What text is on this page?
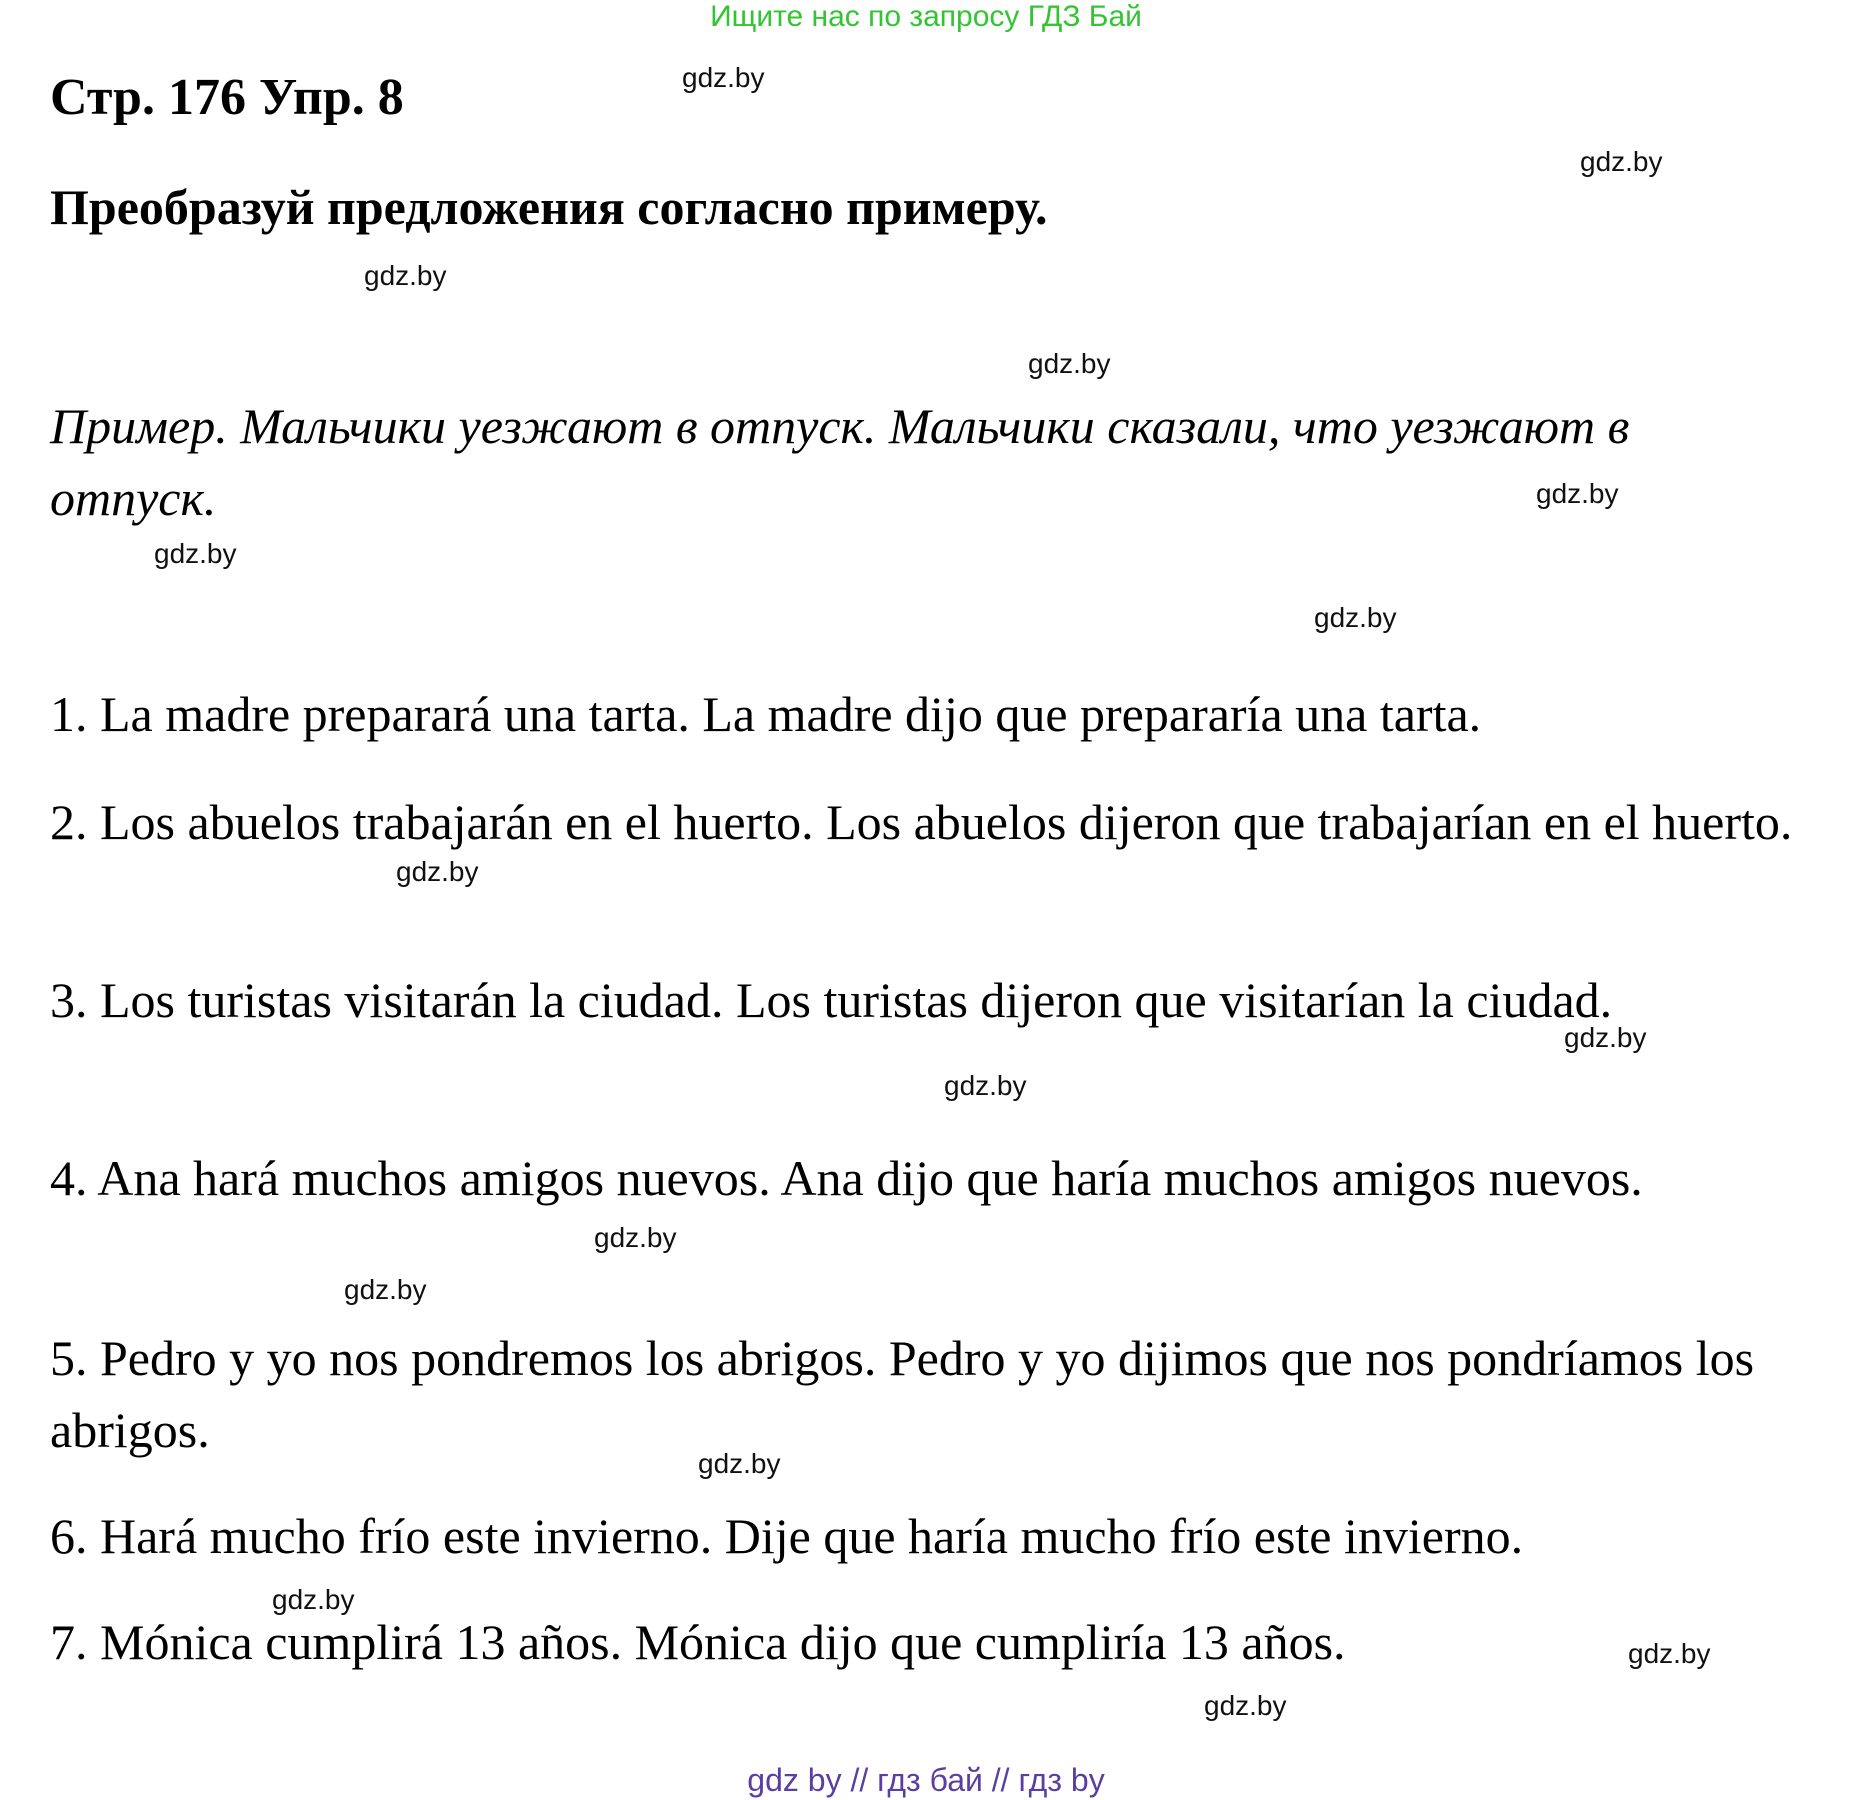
Ищите нас по запросу ГДЗ Бай
Стр. 176 Упр. 8
Преобразуй предложения согласно примеру.
Пример. Мальчики уезжают в отпуск. Мальчики сказали, что уезжают в отпуск.
1. La madre preparará una tarta. La madre dijo que prepararía una tarta.
2. Los abuelos trabajarán en el huerto. Los abuelos dijeron que trabajarían en el huerto.
3. Los turistas visitarán la ciudad. Los turistas dijeron que visitarían la ciudad.
4. Ana hará muchos amigos nuevos. Ana dijo que haría muchos amigos nuevos.
5. Pedro y yo nos pondremos los abrigos. Pedro y yo dijimos que nos pondríamos los abrigos.
6. Hará mucho frío este invierno. Dije que haría mucho frío este invierno.
7. Mónica cumplirá 13 años. Mónica dijo que cumpliría 13 años.
gdz.by
gdz.by
gdz.by
gdz.by
gdz.by
gdz.by
gdz.by
gdz.by
gdz.by
gdz.by
gdz.by
gdz.by
gdz.by
gdz.by
gdz.by
gdz.by
gdz by // гдз бай // гдз by
